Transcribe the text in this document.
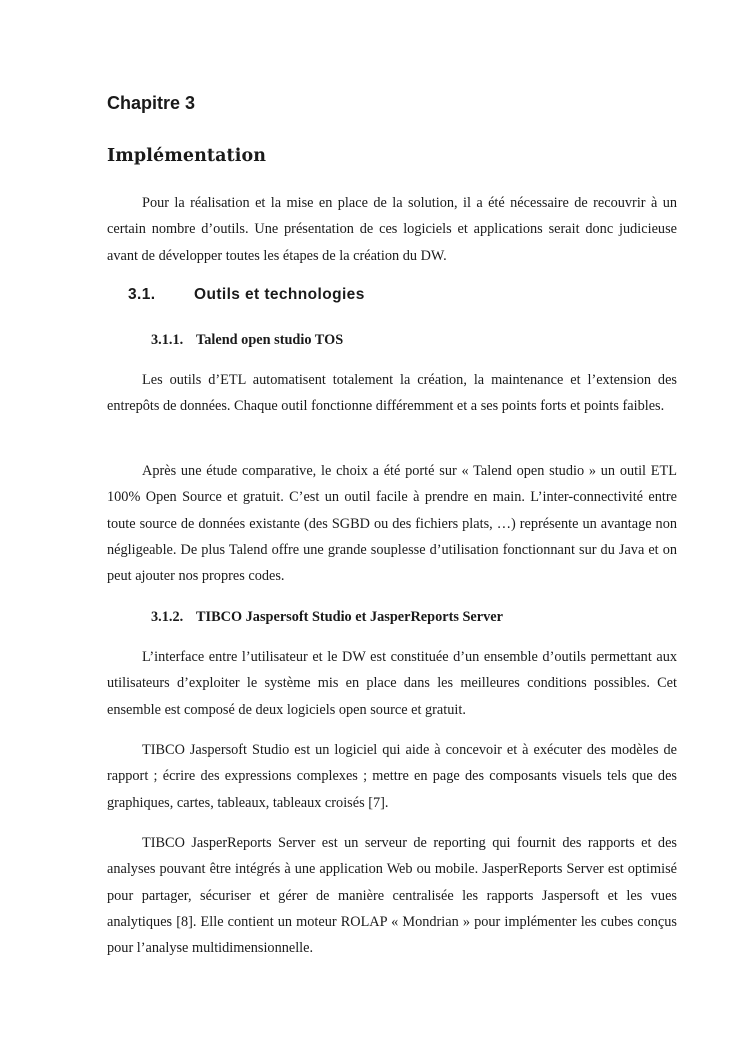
Chapitre 3
Implémentation

Pour la réalisation et la mise en place de la solution, il a été nécessaire de recouvrir à un certain nombre d’outils. Une présentation de ces logiciels et applications serait donc judicieuse avant de développer toutes les étapes de la création du DW.

3.1. Outils et technologies
3.1.1. Talend open studio TOS

Les outils d’ETL automatisent totalement la création, la maintenance et l’extension des entrepôts de données. Chaque outil fonctionne différemment et a ses points forts et points faibles.

Après une étude comparative, le choix a été porté sur « Talend open studio » un outil ETL 100% Open Source et gratuit. C’est un outil facile à prendre en main. L’inter-connectivité entre toute source de données existante (des SGBD ou des fichiers plats, …) représente un avantage non négligeable. De plus Talend offre une grande souplesse d’utilisation fonctionnant sur du Java et on peut ajouter nos propres codes.

3.1.2. TIBCO Jaspersoft Studio et JasperReports Server

L’interface entre l’utilisateur et le DW est constituée d’un ensemble d’outils permettant aux utilisateurs d’exploiter le système mis en place dans les meilleures conditions possibles. Cet ensemble est composé de deux logiciels open source et gratuit.

TIBCO Jaspersoft Studio est un logiciel qui aide à concevoir et à exécuter des modèles de rapport ; écrire des expressions complexes ; mettre en page des composants visuels tels que des graphiques, cartes, tableaux, tableaux croisés [7].

TIBCO JasperReports Server est un serveur de reporting qui fournit des rapports et des analyses pouvant être intégrés à une application Web ou mobile. JasperReports Server est optimisé pour partager, sécuriser et gérer de manière centralisée les rapports Jaspersoft et les vues analytiques [8]. Elle contient un moteur ROLAP « Mondrian » pour implémenter les cubes conçus pour l’analyse multidimensionnelle.
